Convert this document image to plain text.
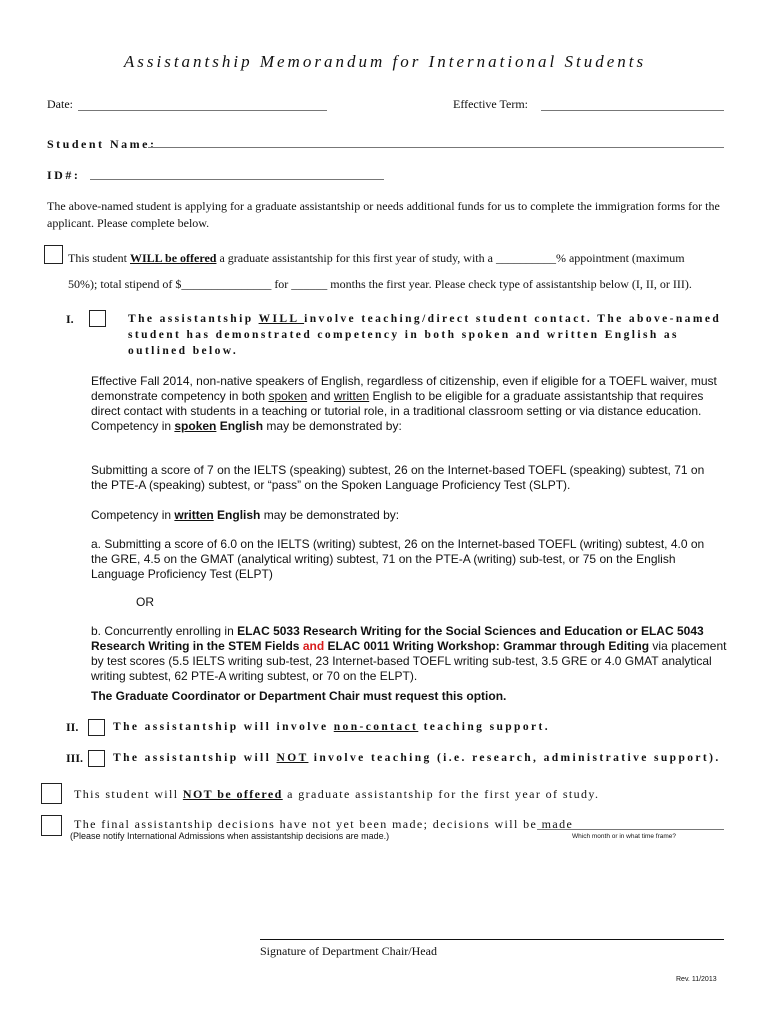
Assistantship Memorandum for International Students
Date:	Effective Term:
Student Name:
ID#:
The above-named student is applying for a graduate assistantship or needs additional funds for us to complete the immigration forms for the applicant. Please complete below.
This student WILL be offered a graduate assistantship for this first year of study, with a __________% appointment (maximum
50%); total stipend of $_______________ for ______ months the first year. Please check type of assistantship below (I, II, or III).
I.	The assistantship WILL involve teaching/direct student contact. The above-named student has demonstrated competency in both spoken and written English as outlined below.
Effective Fall 2014, non-native speakers of English, regardless of citizenship, even if eligible for a TOEFL waiver, must demonstrate competency in both spoken and written English to be eligible for a graduate assistantship that requires direct contact with students in a teaching or tutorial role, in a traditional classroom setting or via distance education.
Competency in spoken English may be demonstrated by:
Submitting a score of 7 on the IELTS (speaking) subtest, 26 on the Internet-based TOEFL (speaking) subtest, 71 on the PTE-A (speaking) subtest, or “pass” on the Spoken Language Proficiency Test (SLPT).
Competency in written English may be demonstrated by:
a. Submitting a score of 6.0 on the IELTS (writing) subtest, 26 on the Internet-based TOEFL (writing) subtest, 4.0 on the GRE, 4.5 on the GMAT (analytical writing) subtest, 71 on the PTE-A (writing) sub-test, or 75 on the English Language Proficiency Test (ELPT)
OR
b. Concurrently enrolling in ELAC 5033 Research Writing for the Social Sciences and Education or ELAC 5043 Research Writing in the STEM Fields and ELAC 0011 Writing Workshop: Grammar through Editing via placement by test scores (5.5 IELTS writing sub-test, 23 Internet-based TOEFL writing sub-test, 3.5 GRE or 4.0 GMAT analytical writing subtest, 62 PTE-A writing subtest, or 70 on the ELPT).
The Graduate Coordinator or Department Chair must request this option.
II.	The assistantship will involve non-contact teaching support.
III.	The assistantship will NOT involve teaching (i.e. research, administrative support).
This student will NOT be offered a graduate assistantship for the first year of study.
The final assistantship decisions have not yet been made; decisions will be made
(Please notify International Admissions when assistantship decisions are made.)	Which month or in what time frame?
Signature of Department Chair/Head
Rev. 11/2013
